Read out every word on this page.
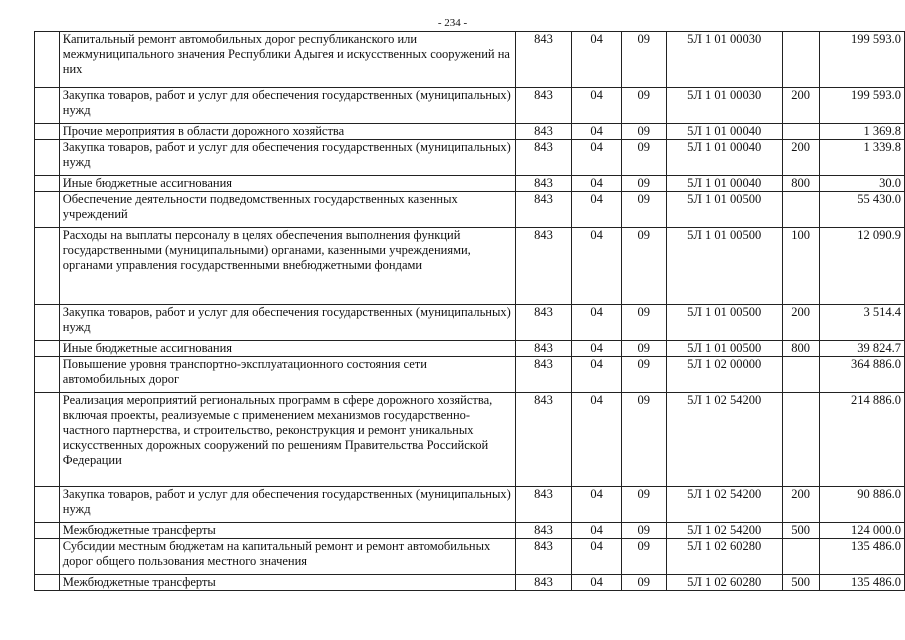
- 234 -
	Капитальный ремонт автомобильных дорог республиканского или межмуниципального значения Республики Адыгея и искусственных сооружений на них	843	04	09	5Л 1 01 00030		199 593.0
	Закупка товаров, работ и услуг для обеспечения государственных (муниципальных) нужд	843	04	09	5Л 1 01 00030	200	199 593.0
	Прочие мероприятия в области дорожного хозяйства	843	04	09	5Л 1 01 00040		1 369.8
	Закупка товаров, работ и услуг для обеспечения государственных (муниципальных) нужд	843	04	09	5Л 1 01 00040	200	1 339.8
	Иные бюджетные ассигнования	843	04	09	5Л 1 01 00040	800	30.0
	Обеспечение деятельности подведомственных государственных казенных учреждений	843	04	09	5Л 1 01 00500		55 430.0
	Расходы на выплаты персоналу в целях обеспечения выполнения функций государственными (муниципальными) органами, казенными учреждениями, органами управления государственными внебюджетными фондами	843	04	09	5Л 1 01 00500	100	12 090.9
	Закупка товаров, работ и услуг для обеспечения государственных (муниципальных) нужд	843	04	09	5Л 1 01 00500	200	3 514.4
	Иные бюджетные ассигнования	843	04	09	5Л 1 01 00500	800	39 824.7
	Повышение уровня транспортно-эксплуатационного состояния сети автомобильных дорог	843	04	09	5Л 1 02 00000		364 886.0
	Реализация мероприятий региональных программ в сфере дорожного хозяйства, включая проекты, реализуемые с применением механизмов государственно-частного партнерства, и строительство, реконструкция и ремонт уникальных искусственных дорожных сооружений по решениям Правительства Российской Федерации	843	04	09	5Л 1 02 54200		214 886.0
	Закупка товаров, работ и услуг для обеспечения государственных (муниципальных) нужд	843	04	09	5Л 1 02 54200	200	90 886.0
	Межбюджетные трансферты	843	04	09	5Л 1 02 54200	500	124 000.0
	Субсидии местным бюджетам на капитальный ремонт и ремонт автомобильных дорог общего пользования местного значения	843	04	09	5Л 1 02 60280		135 486.0
	Межбюджетные трансферты	843	04	09	5Л 1 02 60280	500	135 486.0
